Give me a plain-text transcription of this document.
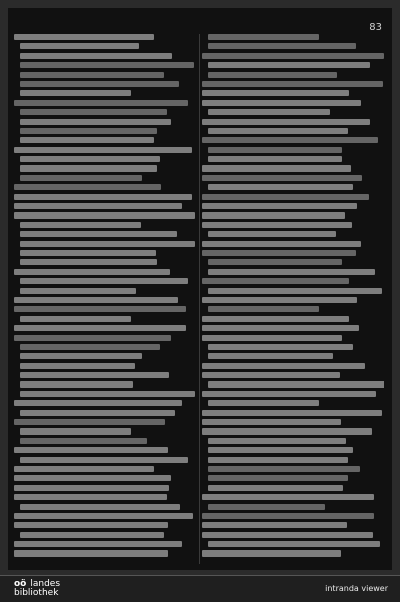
83
oö landes
bibliothek	intranda viewer
